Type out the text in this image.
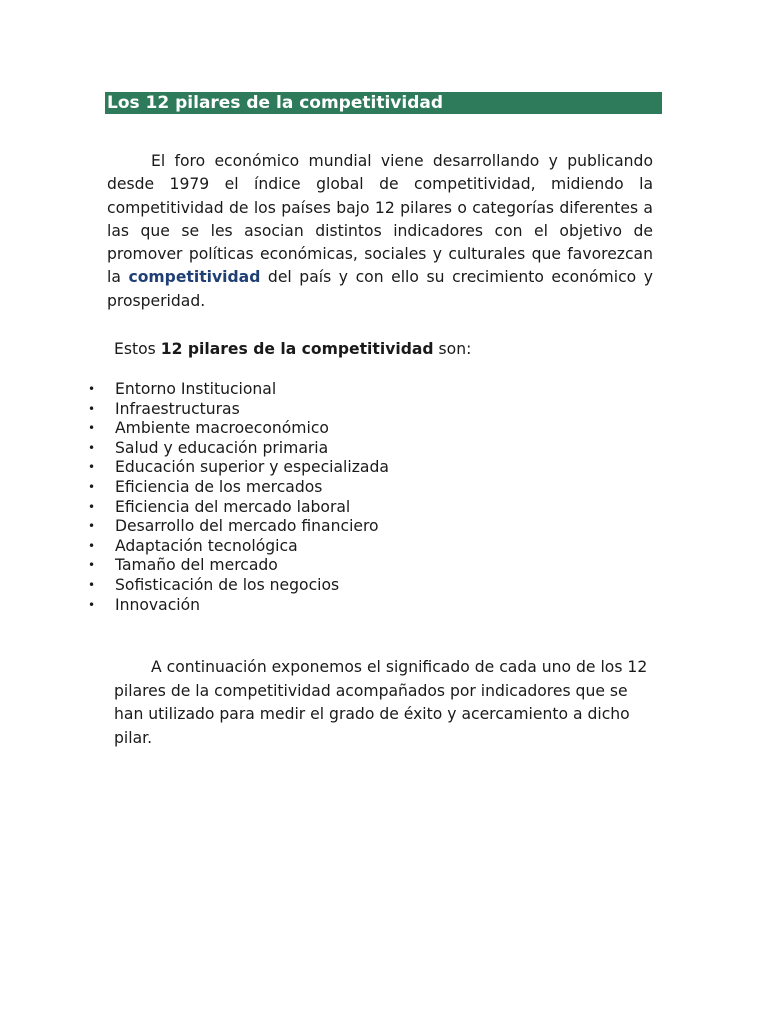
Los 12 pilares de la competitividad

El foro económico mundial viene desarrollando y publicando desde 1979 el índice global de competitividad, midiendo la competitividad de los países bajo 12 pilares o categorías diferentes a las que se les asocian distintos indicadores con el objetivo de promover políticas económicas, sociales y culturales que favorezcan la competitividad del país y con ello su crecimiento económico y prosperidad.

Estos 12 pilares de la competitividad son:

• Entorno Institucional
• Infraestructuras
• Ambiente macroeconómico
• Salud y educación primaria
• Educación superior y especializada
• Eficiencia de los mercados
• Eficiencia del mercado laboral
• Desarrollo del mercado financiero
• Adaptación tecnológica
• Tamaño del mercado
• Sofisticación de los negocios
• Innovación

A continuación exponemos el significado de cada uno de los 12 pilares de la competitividad acompañados por indicadores que se han utilizado para medir el grado de éxito y acercamiento a dicho pilar.
